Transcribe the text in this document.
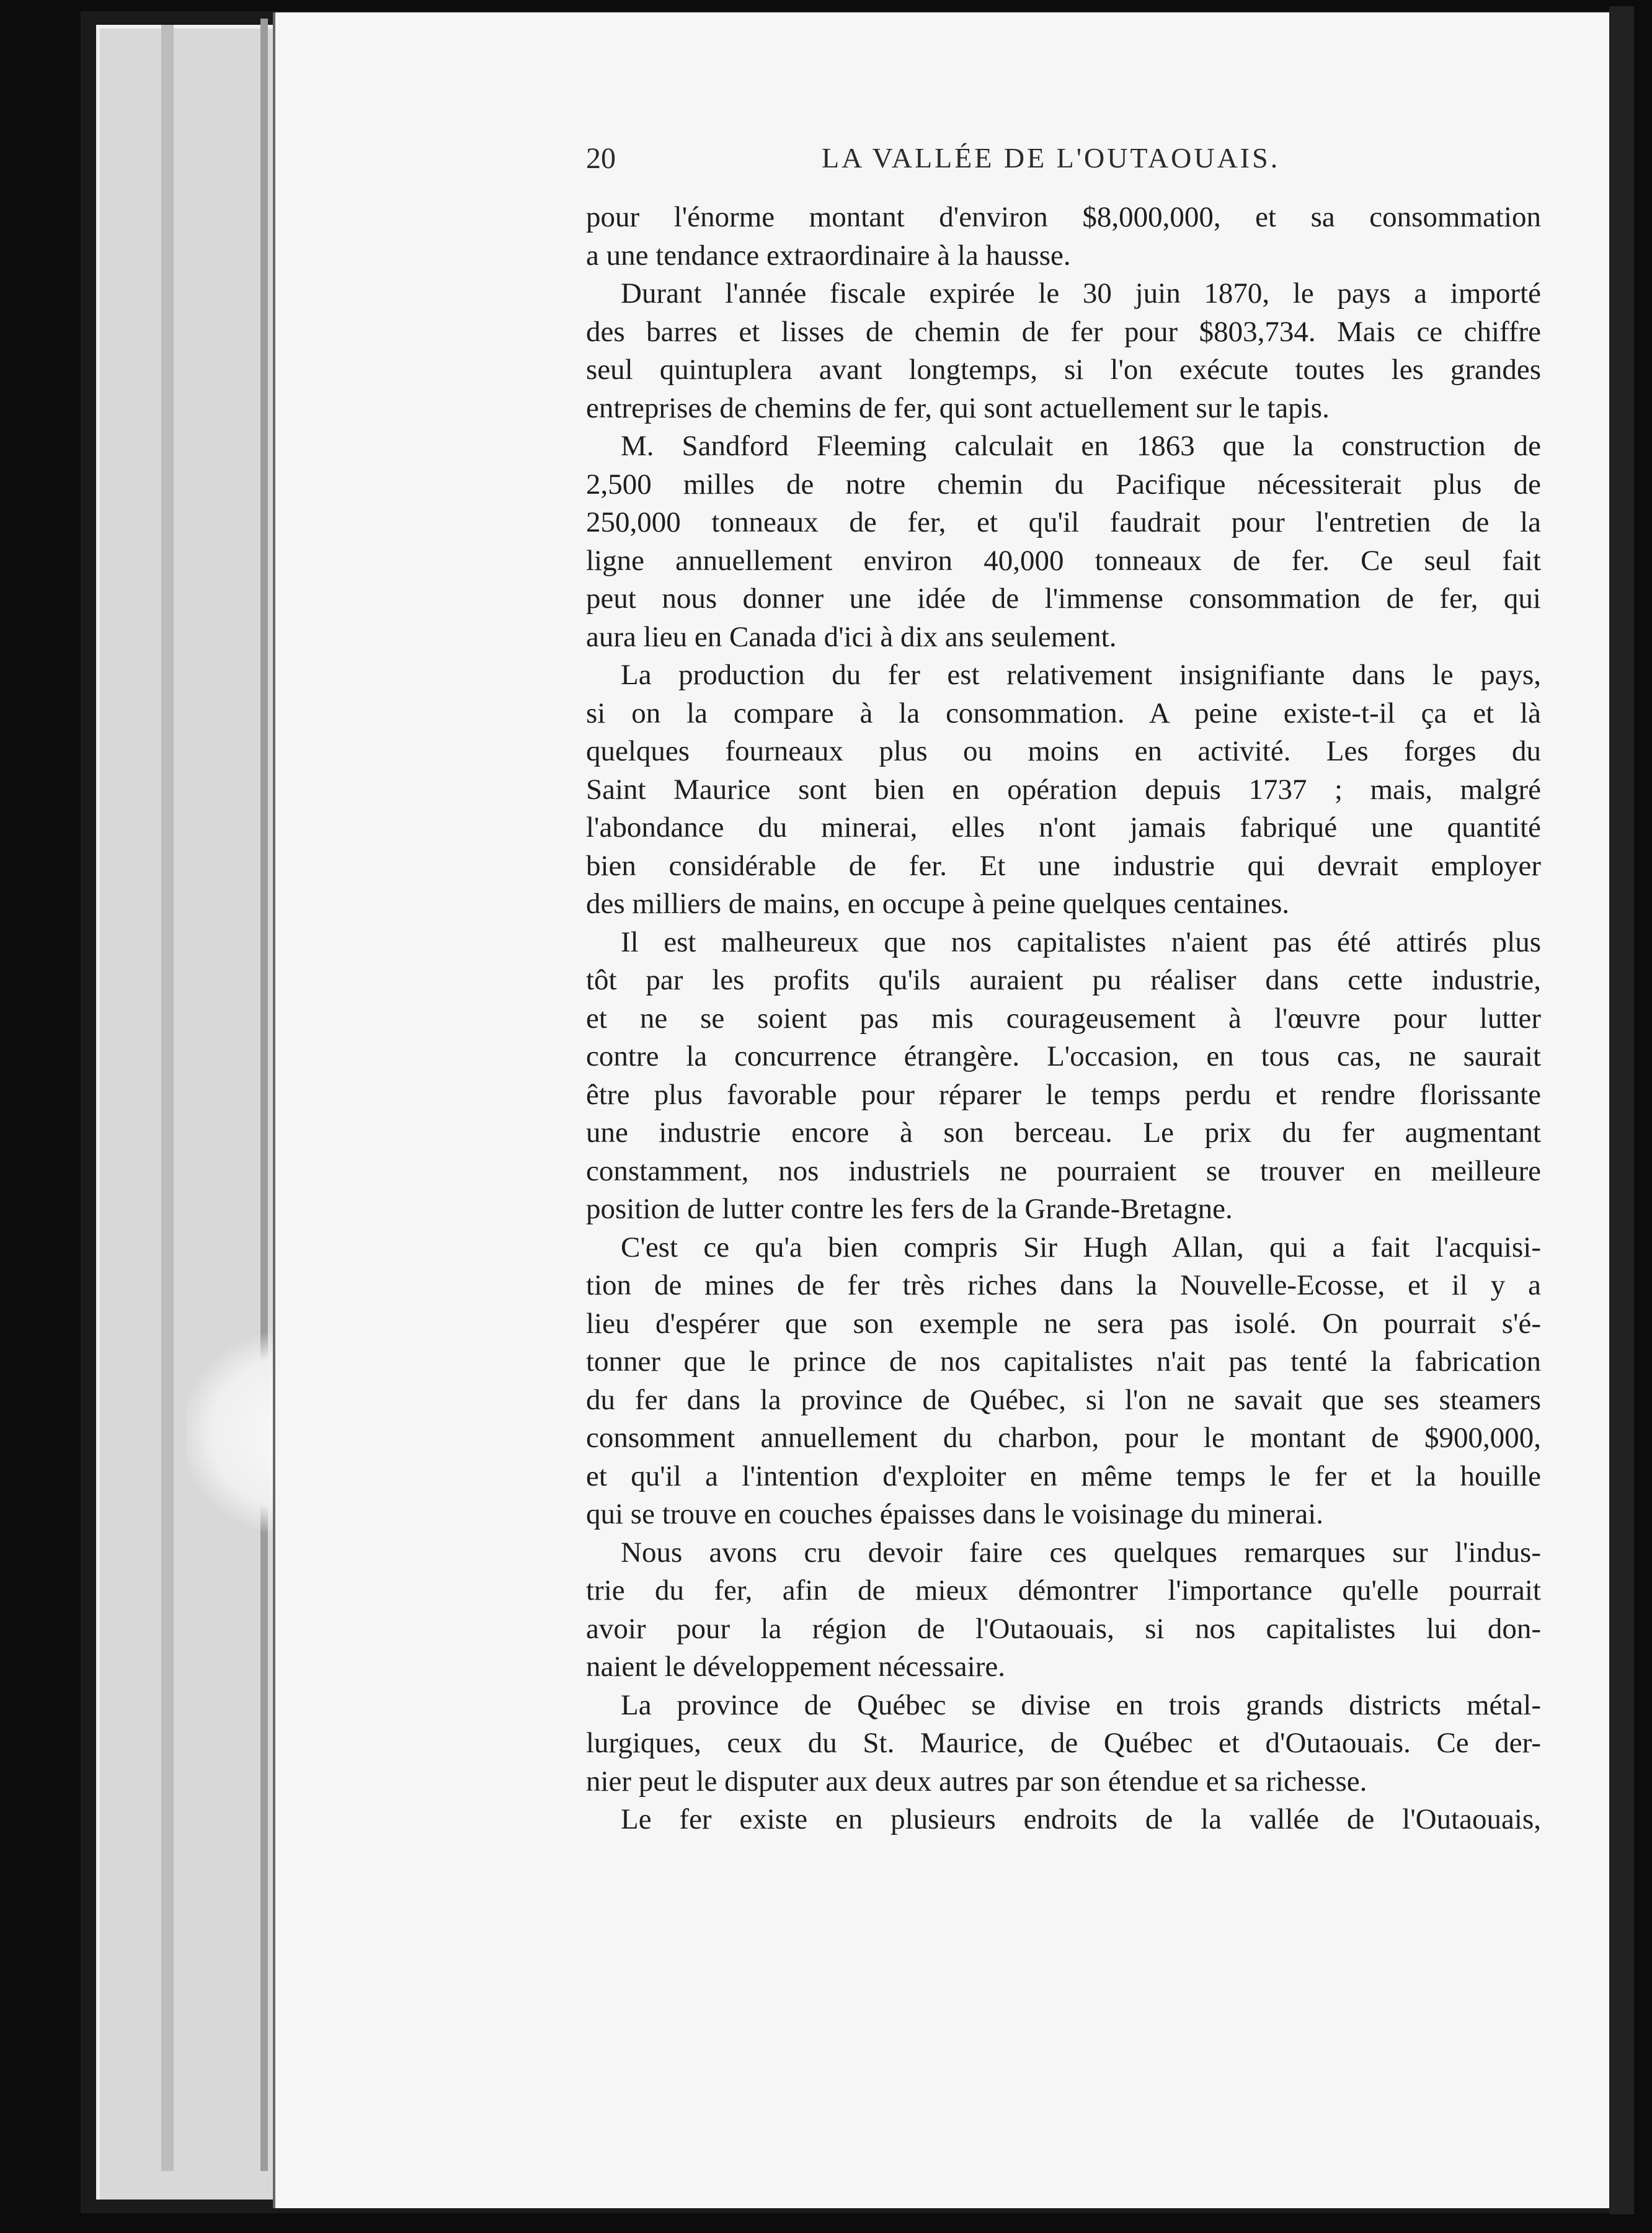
20	LA VALLÉE DE L'OUTAOUAIS.
pour l'énorme montant d'environ $8,000,000, et sa consommation
a une tendance extraordinaire à la hausse.
Durant l'année fiscale expirée le 30 juin 1870, le pays a importé
des barres et lisses de chemin de fer pour $803,734. Mais ce chiffre
seul quintuplera avant longtemps, si l'on exécute toutes les grandes
entreprises de chemins de fer, qui sont actuellement sur le tapis.
M. Sandford Fleeming calculait en 1863 que la construction de
2,500 milles de notre chemin du Pacifique nécessiterait plus de
250,000 tonneaux de fer, et qu'il faudrait pour l'entretien de la
ligne annuellement environ 40,000 tonneaux de fer. Ce seul fait
peut nous donner une idée de l'immense consommation de fer, qui
aura lieu en Canada d'ici à dix ans seulement.
La production du fer est relativement insignifiante dans le pays,
si on la compare à la consommation. A peine existe-t-il ça et là
quelques fourneaux plus ou moins en activité. Les forges du
Saint Maurice sont bien en opération depuis 1737 ; mais, malgré
l'abondance du minerai, elles n'ont jamais fabriqué une quantité
bien considérable de fer. Et une industrie qui devrait employer
des milliers de mains, en occupe à peine quelques centaines.
Il est malheureux que nos capitalistes n'aient pas été attirés plus
tôt par les profits qu'ils auraient pu réaliser dans cette industrie,
et ne se soient pas mis courageusement à l'œuvre pour lutter
contre la concurrence étrangère. L'occasion, en tous cas, ne saurait
être plus favorable pour réparer le temps perdu et rendre florissante
une industrie encore à son berceau. Le prix du fer augmentant
constamment, nos industriels ne pourraient se trouver en meilleure
position de lutter contre les fers de la Grande-Bretagne.
C'est ce qu'a bien compris Sir Hugh Allan, qui a fait l'acquisi-
tion de mines de fer très riches dans la Nouvelle-Ecosse, et il y a
lieu d'espérer que son exemple ne sera pas isolé. On pourrait s'é-
tonner que le prince de nos capitalistes n'ait pas tenté la fabrication
du fer dans la province de Québec, si l'on ne savait que ses steamers
consomment annuellement du charbon, pour le montant de $900,000,
et qu'il a l'intention d'exploiter en même temps le fer et la houille
qui se trouve en couches épaisses dans le voisinage du minerai.
Nous avons cru devoir faire ces quelques remarques sur l'indus-
trie du fer, afin de mieux démontrer l'importance qu'elle pourrait
avoir pour la région de l'Outaouais, si nos capitalistes lui don-
naient le développement nécessaire.
La province de Québec se divise en trois grands districts métal-
lurgiques, ceux du St. Maurice, de Québec et d'Outaouais. Ce der-
nier peut le disputer aux deux autres par son étendue et sa richesse.
Le fer existe en plusieurs endroits de la vallée de l'Outaouais,
